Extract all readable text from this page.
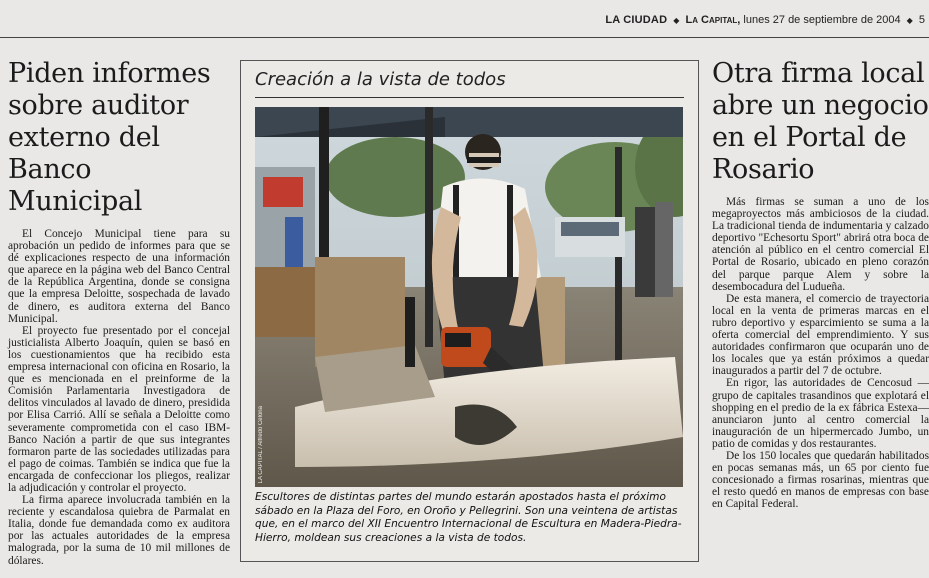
LA CIUDAD ◆ La Capital, lunes 27 de septiembre de 2004 ◆ 5
Piden informes sobre auditor externo del Banco Municipal

El Concejo Municipal tiene para su aprobación un pedido de informes para que se dé explicaciones respecto de una información que aparece en la página web del Banco Central de la República Argentina, donde se consigna que la empresa Deloitte, sospechada de lavado de dinero, es auditora externa del Banco Municipal.

El proyecto fue presentado por el concejal justicialista Alberto Joaquín, quien se basó en los cuestionamientos que ha recibido esta empresa internacional con oficina en Rosario, la que es mencionada en el preinforme de la Comisión Parlamentaria Investigadora de delitos vinculados al lavado de dinero, presidida por Elisa Carrió. Allí se señala a Deloitte como severamente comprometida con el caso IBM-Banco Nación a partir de que sus integrantes formaron parte de las sociedades utilizadas para el pago de coimas. También se indica que fue la encargada de confeccionar los pliegos, realizar la adjudicación y controlar el proyecto.

La firma aparece involucrada también en la reciente y escandalosa quiebra de Parmalat en Italia, donde fue demandada como ex auditora por las actuales autoridades de la empresa malograda, por la suma de 10 mil millones de dólares.

Creación a la vista de todos
LA CAPITAL / Alfredo Celona
Escultores de distintas partes del mundo estarán apostados hasta el próximo sábado en la Plaza del Foro, en Oroño y Pellegrini. Son una veintena de artistas que, en el marco del XII Encuentro Internacional de Escultura en Madera-Piedra-Hierro, moldean sus creaciones a la vista de todos.
Otra firma local abre un negocio en el Portal de Rosario

Más firmas se suman a uno de los megaproyectos más ambiciosos de la ciudad. La tradicional tienda de indumentaria y calzado deportivo "Echesortu Sport" abrirá otra boca de atención al público en el centro comercial El Portal de Rosario, ubicado en pleno corazón del parque parque Alem y sobre la desembocadura del Ludueña.

De esta manera, el comercio de trayectoria local en la venta de primeras marcas en el rubro deportivo y esparcimiento se suma a la oferta comercial del emprendimiento. Y sus autoridades confirmaron que ocuparán uno de los locales que ya están próximos a quedar inaugurados a partir del 7 de octubre.

En rigor, las autoridades de Cencosud —grupo de capitales trasandinos que explotará el shopping en el predio de la ex fábrica Estexa— anunciaron junto al centro comercial la inauguración de un hipermercado Jumbo, un patio de comidas y dos restaurantes.

De los 150 locales que quedarán habilitados en pocas semanas más, un 65 por ciento fue concesionado a firmas rosarinas, mientras que el resto quedó en manos de empresas con base en Capital Federal.
